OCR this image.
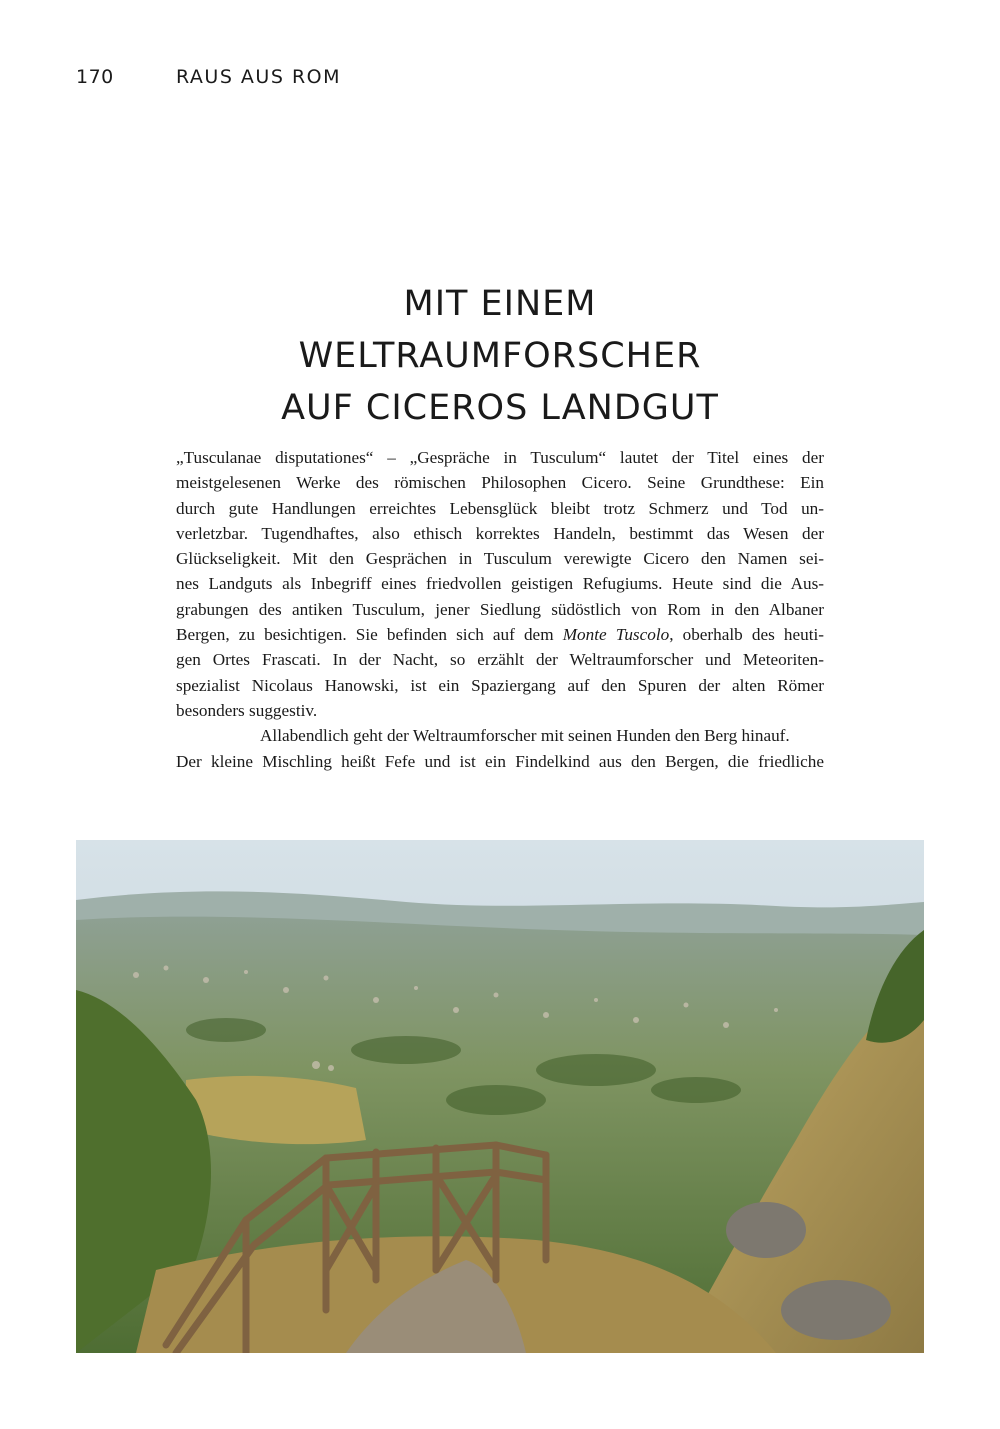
170	RAUS AUS ROM
MIT EINEM
WELTRAUMFORSCHER
AUF CICEROS LANDGUT
„Tusculanae disputationes“ – „Gespräche in Tusculum“ lautet der Titel eines der
meistgelesenen Werke des römischen Philosophen Cicero. Seine Grundthese: Ein
durch gute Handlungen erreichtes Lebensglück bleibt trotz Schmerz und Tod un-
verletzbar. Tugendhaftes, also ethisch korrektes Handeln, bestimmt das Wesen der
Glückseligkeit. Mit den Gesprächen in Tusculum verewigte Cicero den Namen sei-
nes Landguts als Inbegriff eines friedvollen geistigen Refugiums. Heute sind die Aus-
grabungen des antiken Tusculum, jener Siedlung südöstlich von Rom in den Albaner
Bergen, zu besichtigen. Sie befinden sich auf dem Monte Tuscolo, oberhalb des heuti-
gen Ortes Frascati. In der Nacht, so erzählt der Weltraumforscher und Meteoriten-
spezialist Nicolaus Hanowski, ist ein Spaziergang auf den Spuren der alten Römer
besonders suggestiv.
Allabendlich geht der Weltraumforscher mit seinen Hunden den Berg hinauf.
Der kleine Mischling heißt Fefe und ist ein Findelkind aus den Bergen, die friedliche
